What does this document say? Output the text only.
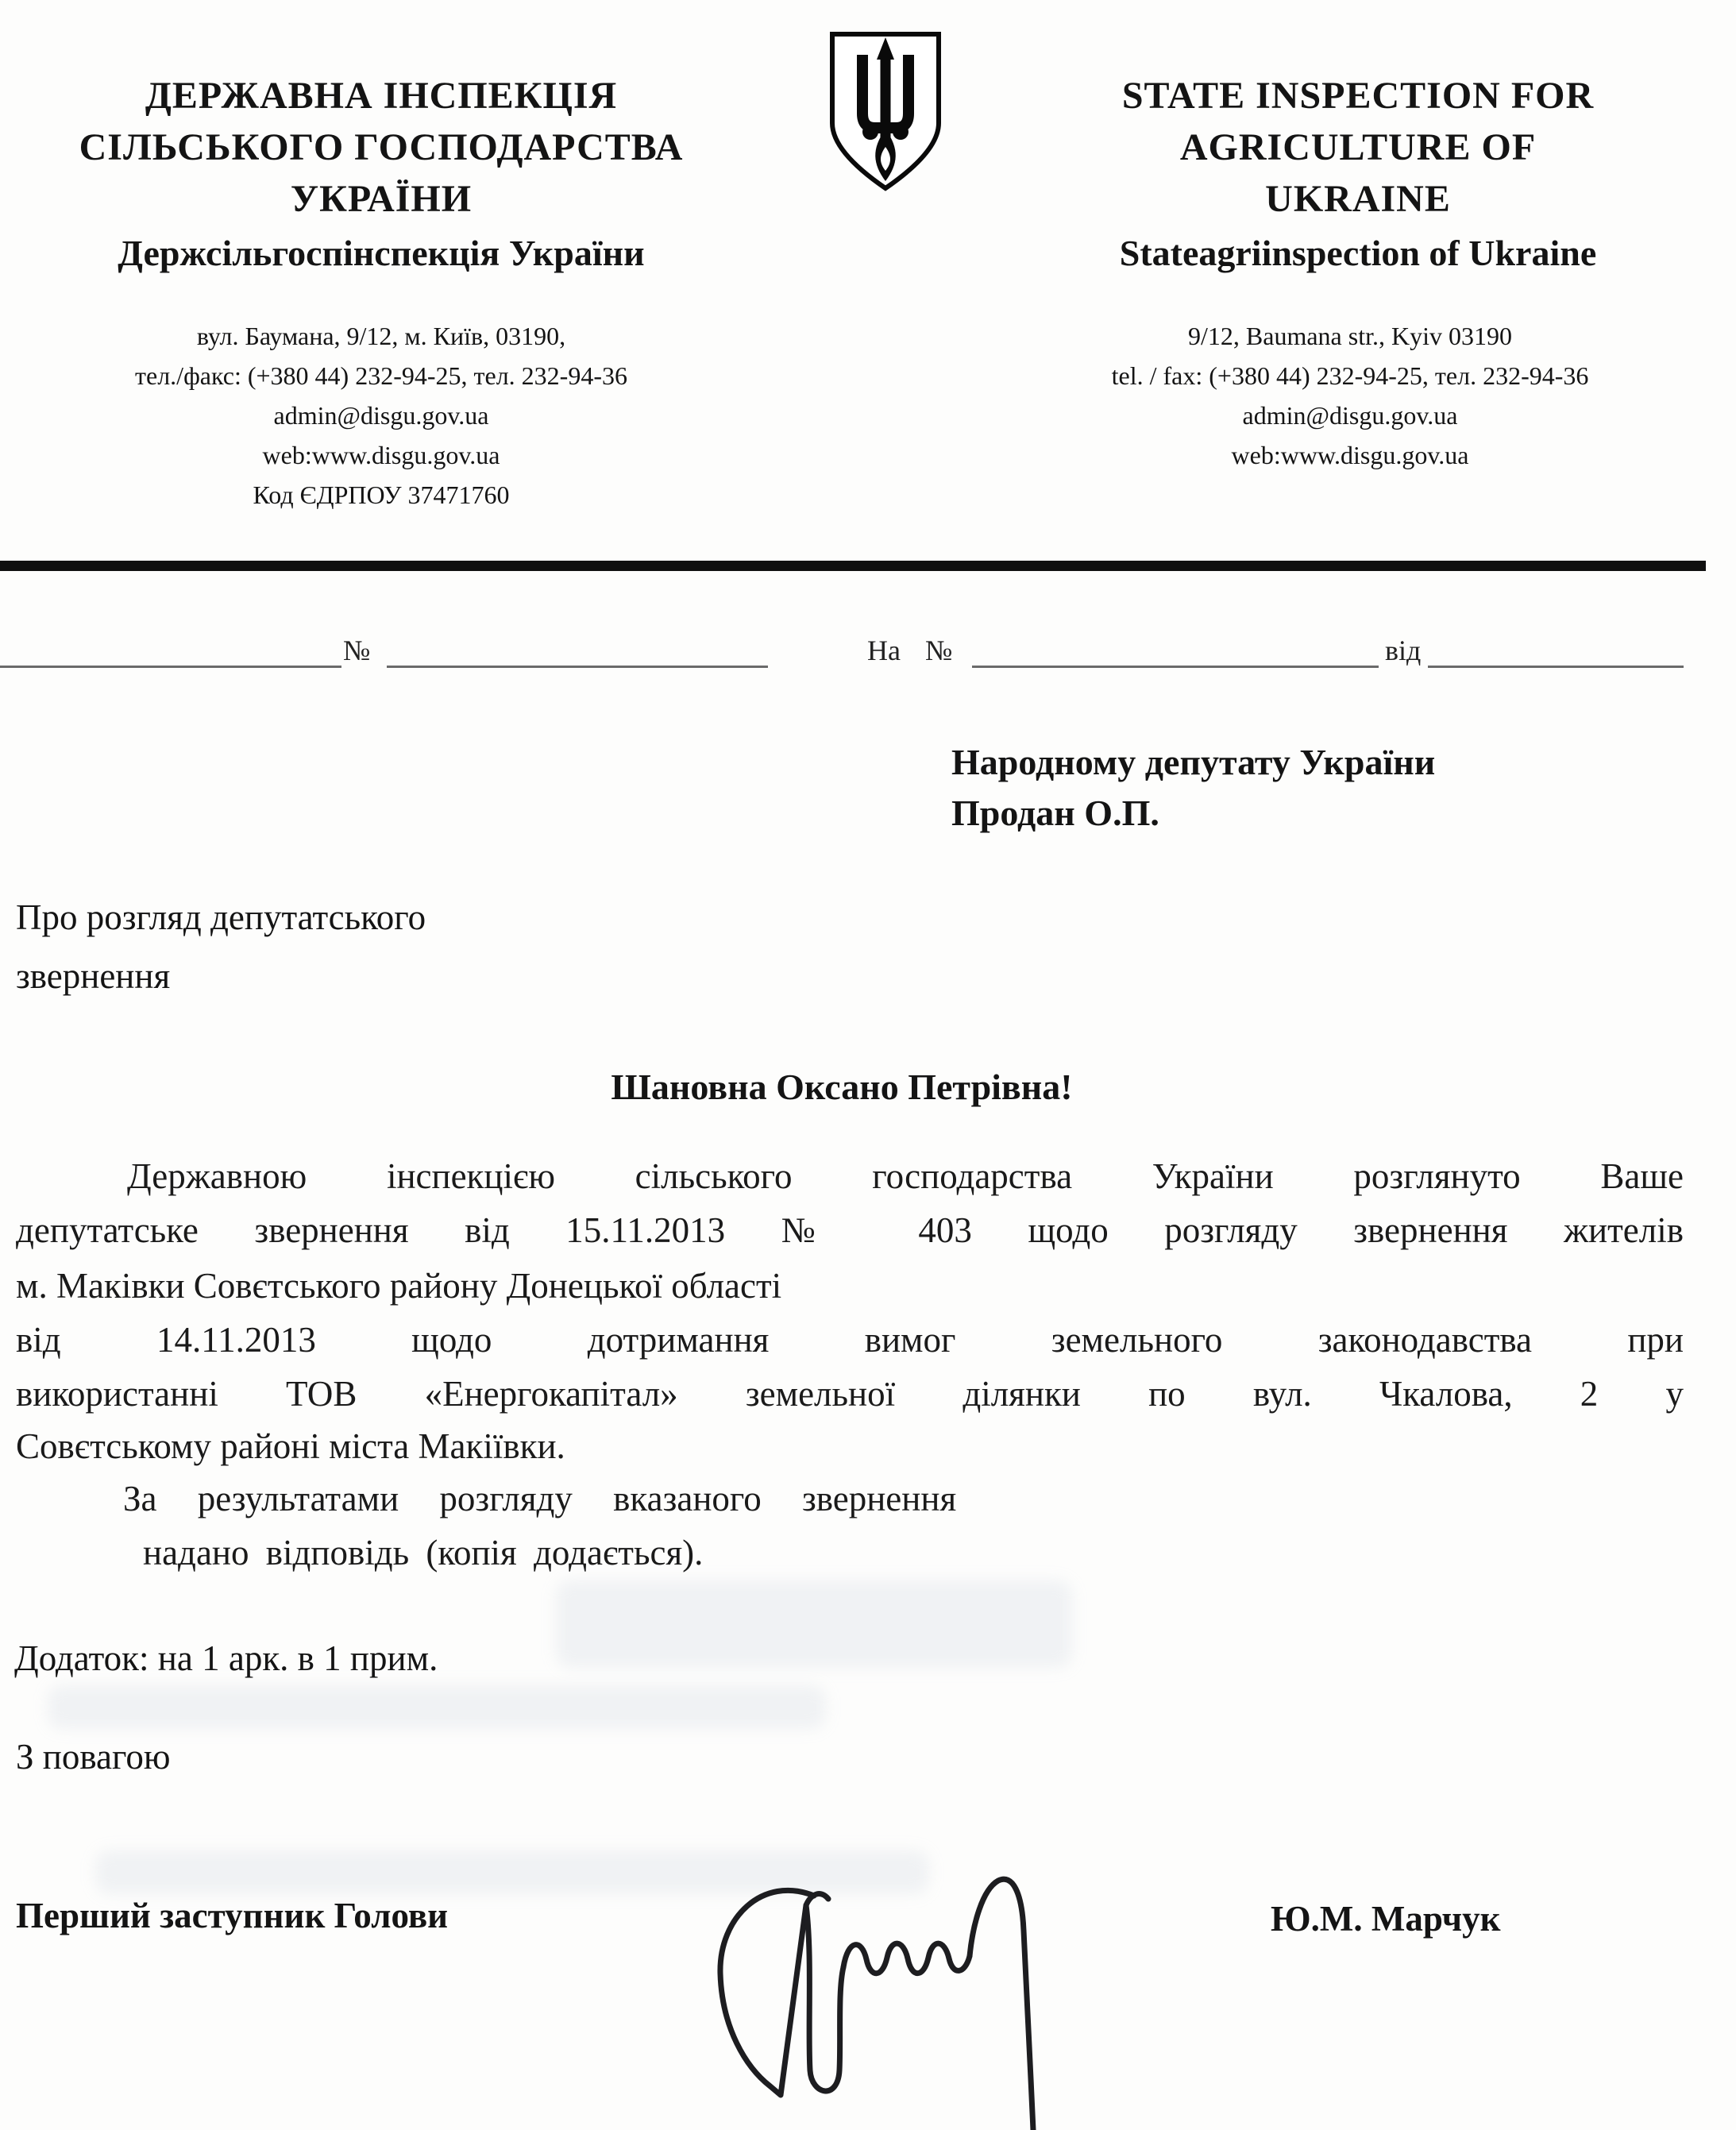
ДЕРЖАВНА ІНСПЕКЦІЯ
СІЛЬСЬКОГО ГОСПОДАРСТВА
УКРАЇНИ
Держсільгоспінспекція України
вул. Баумана, 9/12, м. Київ, 03190,
тел./факс: (+380 44) 232-94-25, тел. 232-94-36
admin@disgu.gov.ua
web:www.disgu.gov.ua
Код ЄДРПОУ 37471760
STATE INSPECTION FOR
AGRICULTURE OF
UKRAINE
Stateagriinspection of Ukraine
9/12, Baumana str., Kyiv 03190
tel. / fax: (+380 44) 232-94-25, тел. 232-94-36
admin@disgu.gov.ua
web:www.disgu.gov.ua
№	На №	від
Народному депутату України
Продан О.П.
Про розгляд депутатського
звернення
Шановна Оксано Петрівна!
Державною інспекцією сільського господарства України розглянуто Ваше
депутатське звернення від 15.11.2013 № 403 щодо розгляду звернення жителів
м. Маківки Совєтського району Донецької області
від 14.11.2013 щодо дотримання вимог земельного законодавства при
використанні ТОВ «Енергокапітал» земельної ділянки по вул. Чкалова, 2 у
Совєтському районі міста Макіївки.
За результатами розгляду вказаного звернення
надано відповідь (копія додається).
Додаток: на 1 арк. в 1 прим.
З повагою
Перший заступник Голови	Ю.М. Марчук
